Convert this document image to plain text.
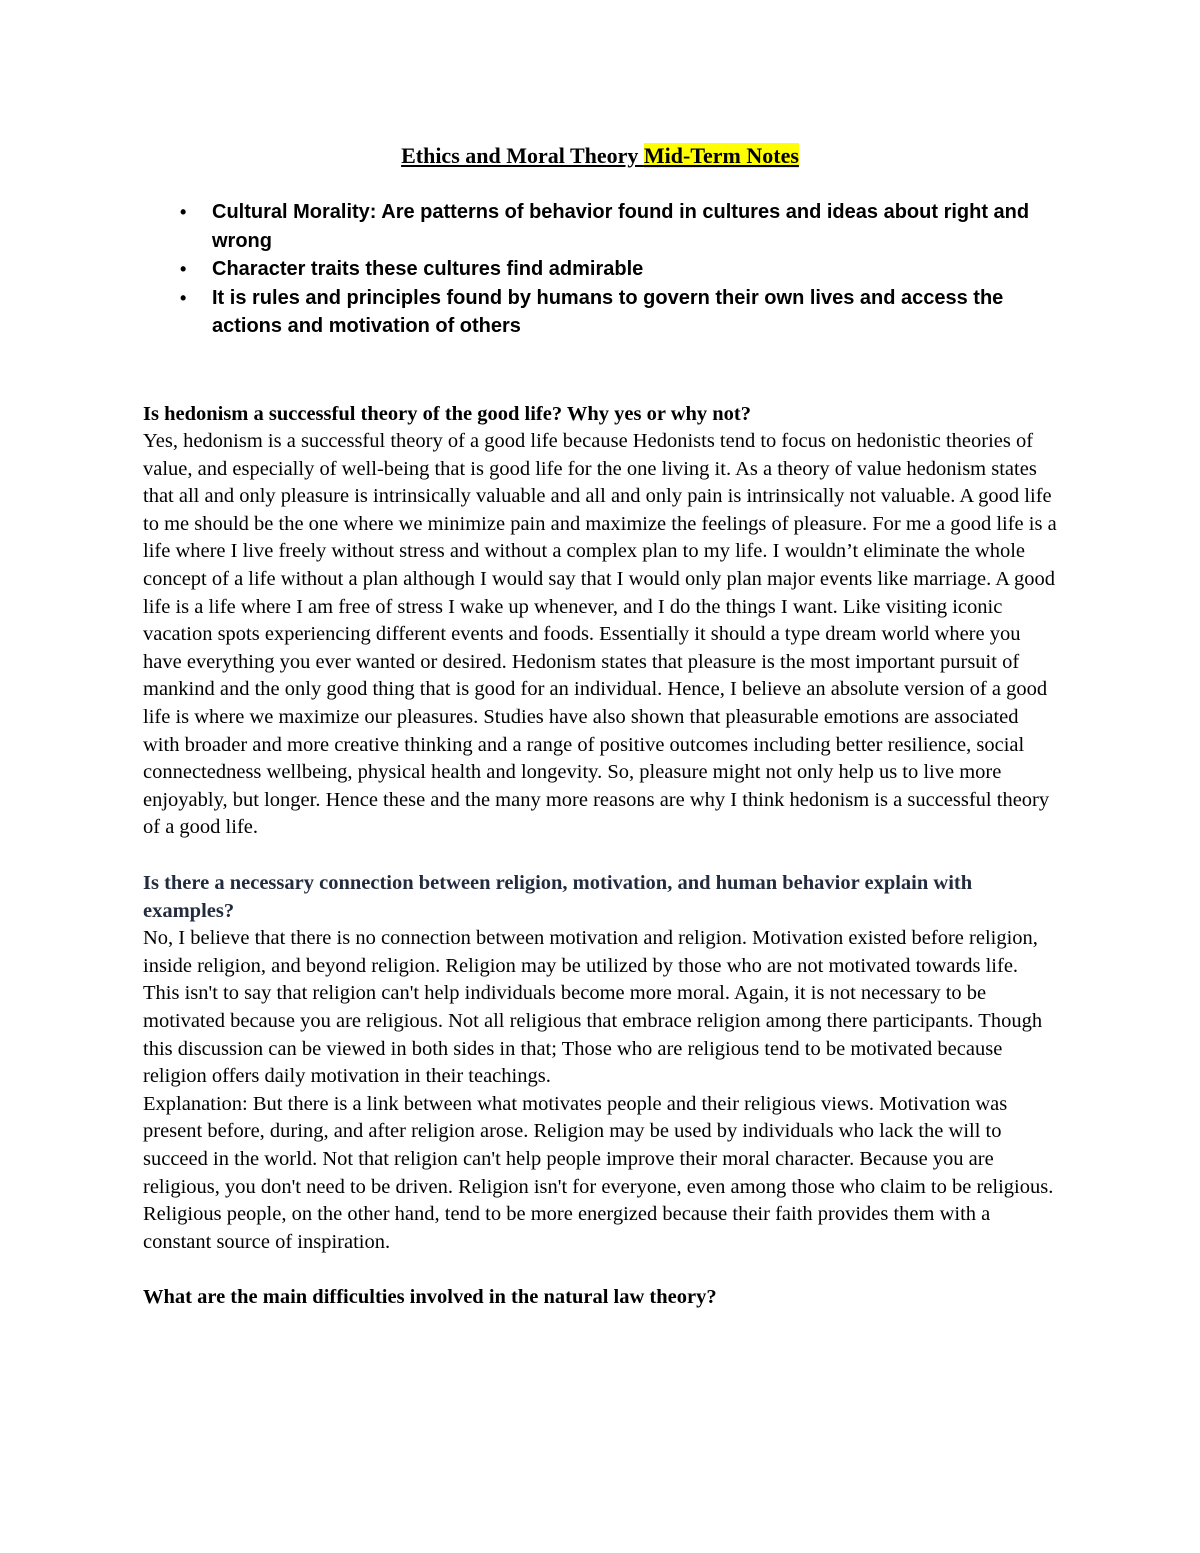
Ethics and Moral Theory Mid-Term Notes
• Cultural Morality: Are patterns of behavior found in cultures and ideas about right and wrong
• Character traits these cultures find admirable
• It is rules and principles found by humans to govern their own lives and access the actions and motivation of others
Is hedonism a successful theory of the good life? Why yes or why not?

Yes, hedonism is a successful theory of a good life because Hedonists tend to focus on hedonistic theories of value, and especially of well-being that is good life for the one living it. As a theory of value hedonism states that all and only pleasure is intrinsically valuable and all and only pain is intrinsically not valuable. A good life to me should be the one where we minimize pain and maximize the feelings of pleasure. For me a good life is a life where I live freely without stress and without a complex plan to my life. I wouldn’t eliminate the whole concept of a life without a plan although I would say that I would only plan major events like marriage. A good life is a life where I am free of stress I wake up whenever, and I do the things I want. Like visiting iconic vacation spots experiencing different events and foods. Essentially it should a type dream world where you have everything you ever wanted or desired. Hedonism states that pleasure is the most important pursuit of mankind and the only good thing that is good for an individual. Hence, I believe an absolute version of a good life is where we maximize our pleasures. Studies have also shown that pleasurable emotions are associated with broader and more creative thinking and a range of positive outcomes including better resilience, social connectedness wellbeing, physical health and longevity. So, pleasure might not only help us to live more enjoyably, but longer. Hence these and the many more reasons are why I think hedonism is a successful theory of a good life.

Is there a necessary connection between religion, motivation, and human behavior explain with examples?

No, I believe that there is no connection between motivation and religion. Motivation existed before religion, inside religion, and beyond religion. Religion may be utilized by those who are not motivated towards life. This isn't to say that religion can't help individuals become more moral. Again, it is not necessary to be motivated because you are religious. Not all religious that embrace religion among there participants. Though this discussion can be viewed in both sides in that; Those who are religious tend to be motivated because religion offers daily motivation in their teachings.

Explanation: But there is a link between what motivates people and their religious views. Motivation was present before, during, and after religion arose. Religion may be used by individuals who lack the will to succeed in the world. Not that religion can't help people improve their moral character. Because you are religious, you don't need to be driven. Religion isn't for everyone, even among those who claim to be religious. Religious people, on the other hand, tend to be more energized because their faith provides them with a constant source of inspiration.

What are the main difficulties involved in the natural law theory?
